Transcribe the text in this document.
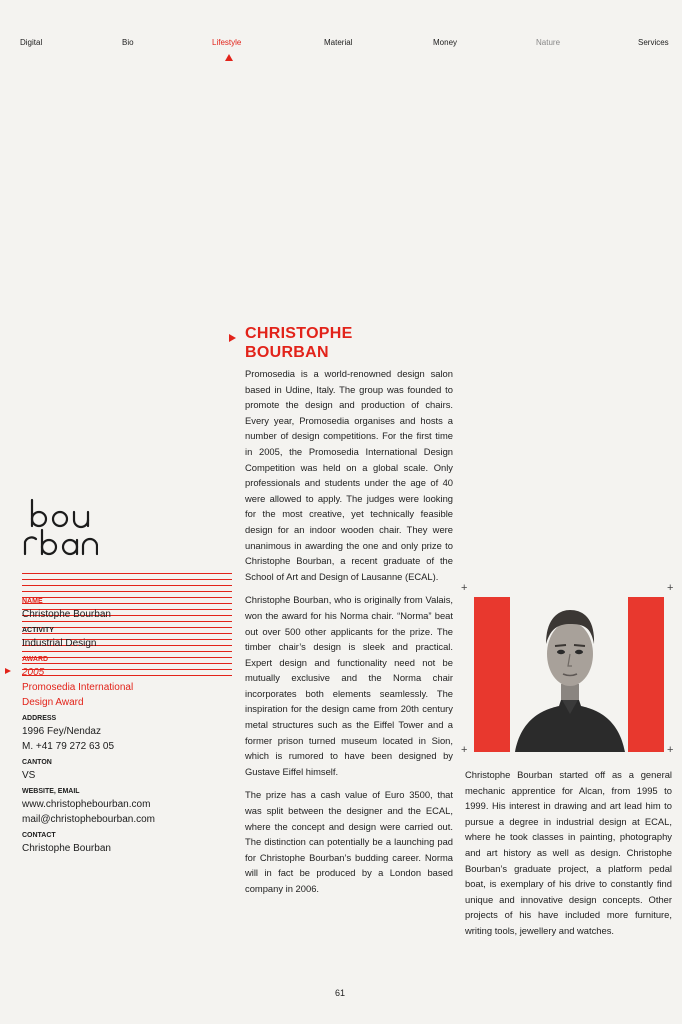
Digital	Bio	Lifestyle	Material	Money	Nature	Services
CHRISTOPHE
BOURBAN
NAME
Christophe Bourban
ACTIVITY
Industrial Design
AWARD
2005
Promosedia International
Design Award
ADDRESS
1996 Fey/Nendaz
M. +41 79 272 63 05
CANTON
VS
WEBSITE, EMAIL
www.christophebourban.com
mail@christophebourban.com
CONTACT
Christophe Bourban

Promosedia is a world-renowned design salon based in Udine, Italy. The group was founded to promote the design and production of chairs. Every year, Promosedia organises and hosts a number of design competitions. For the first time in 2005, the Promosedia International Design Competition was held on a global scale. Only professionals and students under the age of 40 were allowed to apply. The judges were looking for the most creative, yet technically feasible design for an indoor wooden chair. They were unanimous in awarding the one and only prize to Christophe Bourban, a recent graduate of the School of Art and Design of Lausanne (ECAL).

Christophe Bourban, who is originally from Valais, won the award for his Norma chair. “Norma” beat out over 500 other applicants for the prize. The timber chair’s design is sleek and practical. Expert design and functionality need not be mutually exclusive and the Norma chair incorporates both elements seamlessly. The inspiration for the design came from 20th century metal structures such as the Eiffel Tower and a former prison turned museum located in Sion, which is rumored to have been designed by Gustave Eiffel himself.

The prize has a cash value of Euro 3500, that was split between the designer and the ECAL, where the concept and design were carried out. The distinction can potentially be a launching pad for Christophe Bourban’s budding career. Norma will in fact be produced by a London based company in 2006.

+	+
+	+

Christophe Bourban started off as a general mechanic apprentice for Alcan, from 1995 to 1999. His interest in drawing and art lead him to pursue a degree in industrial design at ECAL, where he took classes in painting, photography and art history as well as design. Christophe Bourban’s graduate project, a platform pedal boat, is exemplary of his drive to constantly find unique and innovative design concepts. Other projects of his have included more furniture, writing tools, jewellery and watches.

61
